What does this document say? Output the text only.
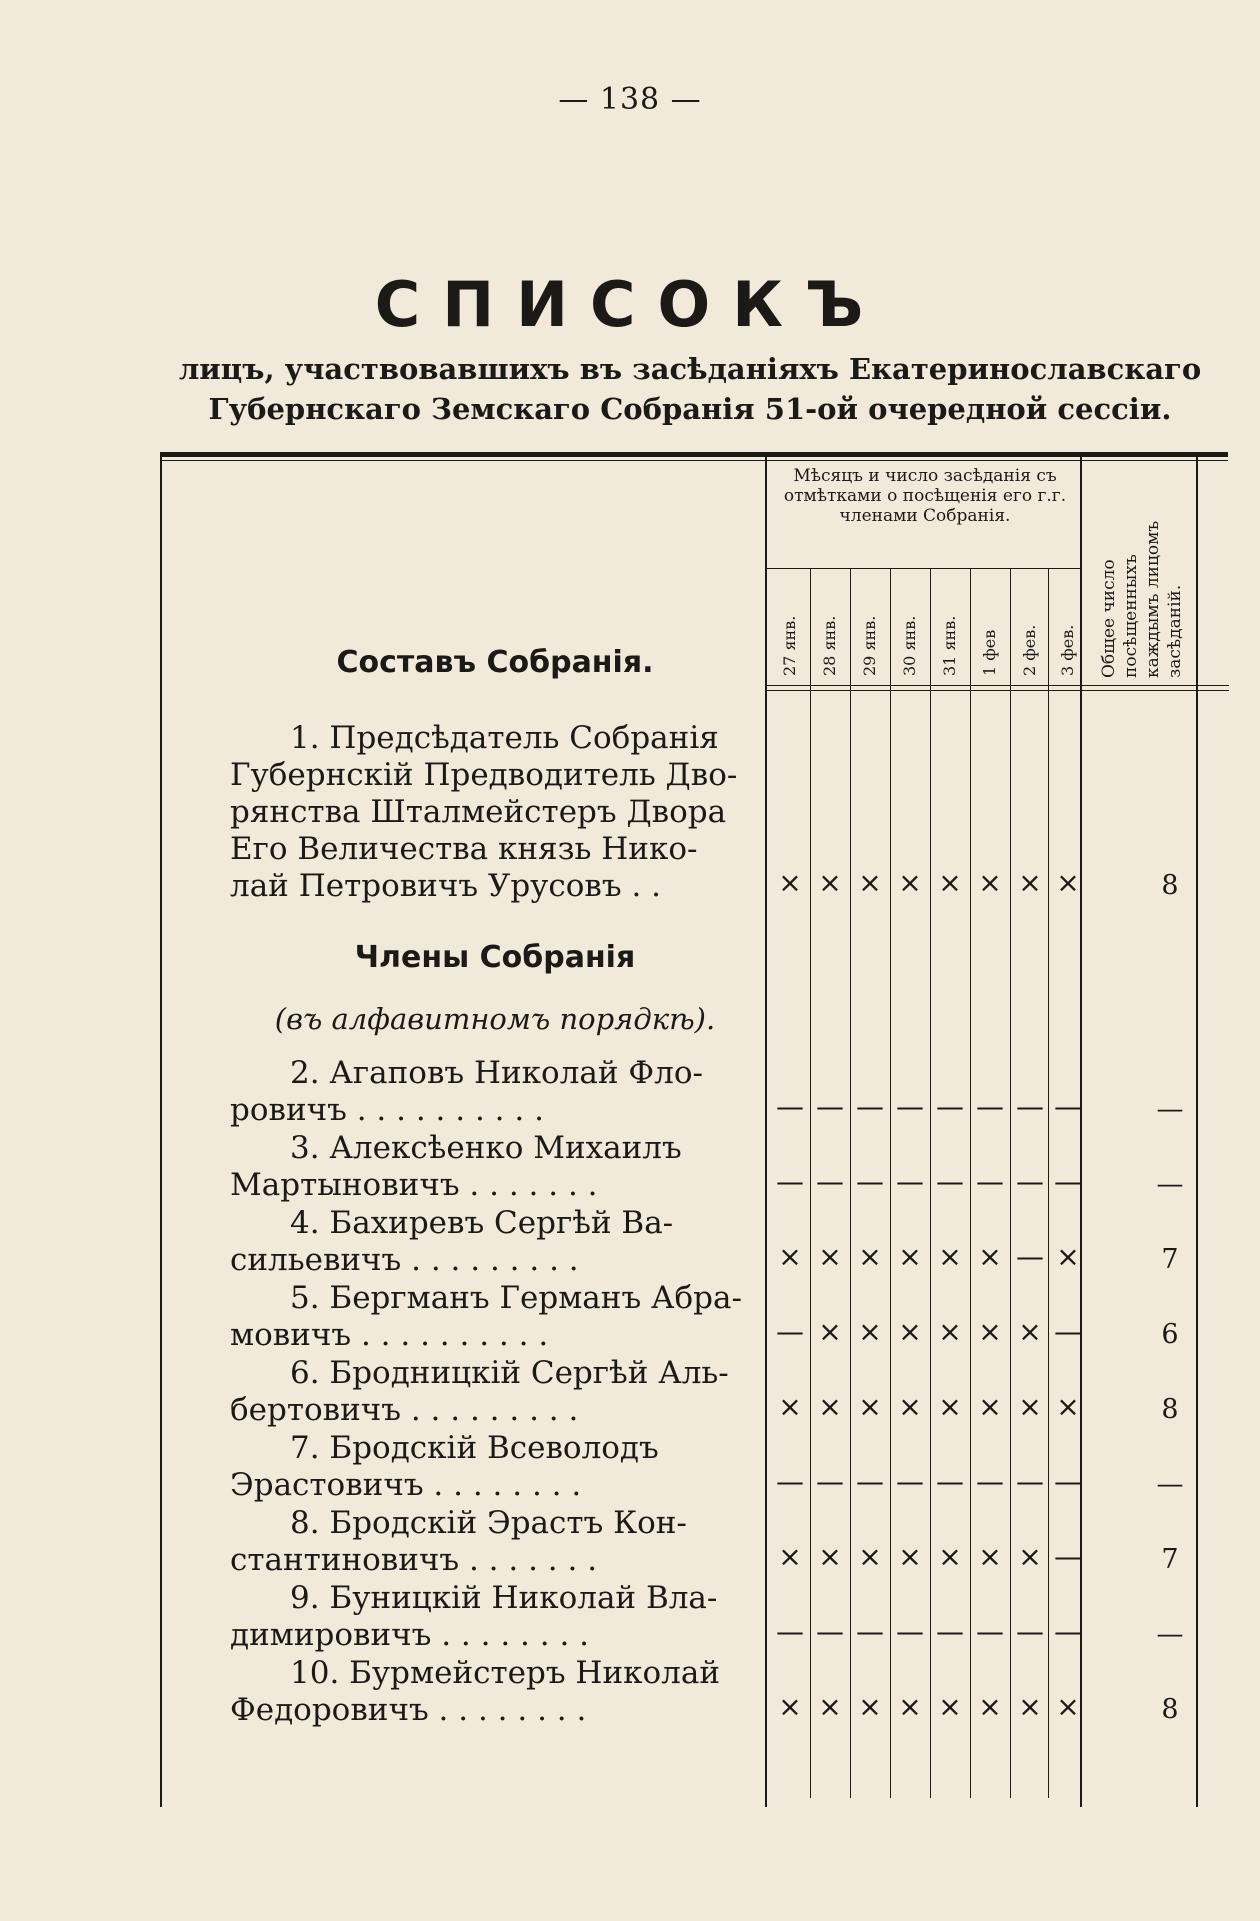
— 138 —
СПИСОКЪ
лицъ, участвовавшихъ въ засѣданіяхъ Екатеринославскаго
Губернскаго Земскаго Собранія 51-ой очередной сессіи.
Мѣсяцъ и число засѣданія съ отмѣтками о посѣщенія его г.г. членами Собранія.
Общее число посѣщенныхъ каждымъ лицомъ засѣданій.
Составъ Собранія.	27 янв. 28 янв. 29 янв. 30 янв. 31 янв. 1 фев 2 фев. 3 фев.
Члены Собранія
(въ алфавитномъ порядкѣ).
1. Предсѣдатель Собранія
Губернскій Предводитель Дво-
рянства Шталмейстеръ Двора
Его Величества князь Нико-
лай Петровичъ Урусовъ . .	× × × × × × × ×	8
2. Агаповъ Николай Фло-
ровичъ . . . . . . . . . .	— — — — — — — —	—
3. Алексѣенко Михаилъ
Мартыновичъ . . . . . . .	— — — — — — — —	—
4. Бахиревъ Сергѣй Ва-
сильевичъ . . . . . . . . .	× × × × × × — ×	7
5. Бергманъ Германъ Абра-
мовичъ . . . . . . . . . .	— × × × × × × —	6
6. Бродницкій Сергѣй Аль-
бертовичъ . . . . . . . . .	× × × × × × × ×	8
7. Бродскій Всеволодъ
Эрастовичъ . . . . . . . .	— — — — — — — —	—
8. Бродскій Эрастъ Кон-
стантиновичъ . . . . . . .	× × × × × × × —	7
9. Буницкій Николай Вла-
димировичъ . . . . . . . .	— — — — — — — —	—
10. Бурмейстеръ Николай
Федоровичъ . . . . . . . .	× × × × × × × ×	8
